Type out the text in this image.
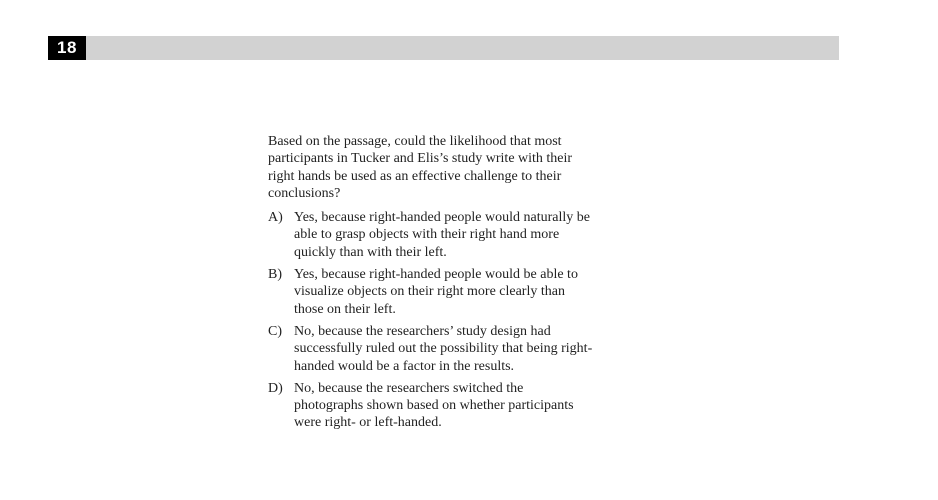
18

Based on the passage, could the likelihood that most participants in Tucker and Elis’s study write with their right hands be used as an effective challenge to their conclusions?

A) Yes, because right-handed people would naturally be able to grasp objects with their right hand more quickly than with their left.
B) Yes, because right-handed people would be able to visualize objects on their right more clearly than those on their left.
C) No, because the researchers’ study design had successfully ruled out the possibility that being right-handed would be a factor in the results.
D) No, because the researchers switched the photographs shown based on whether participants were right- or left-handed.
